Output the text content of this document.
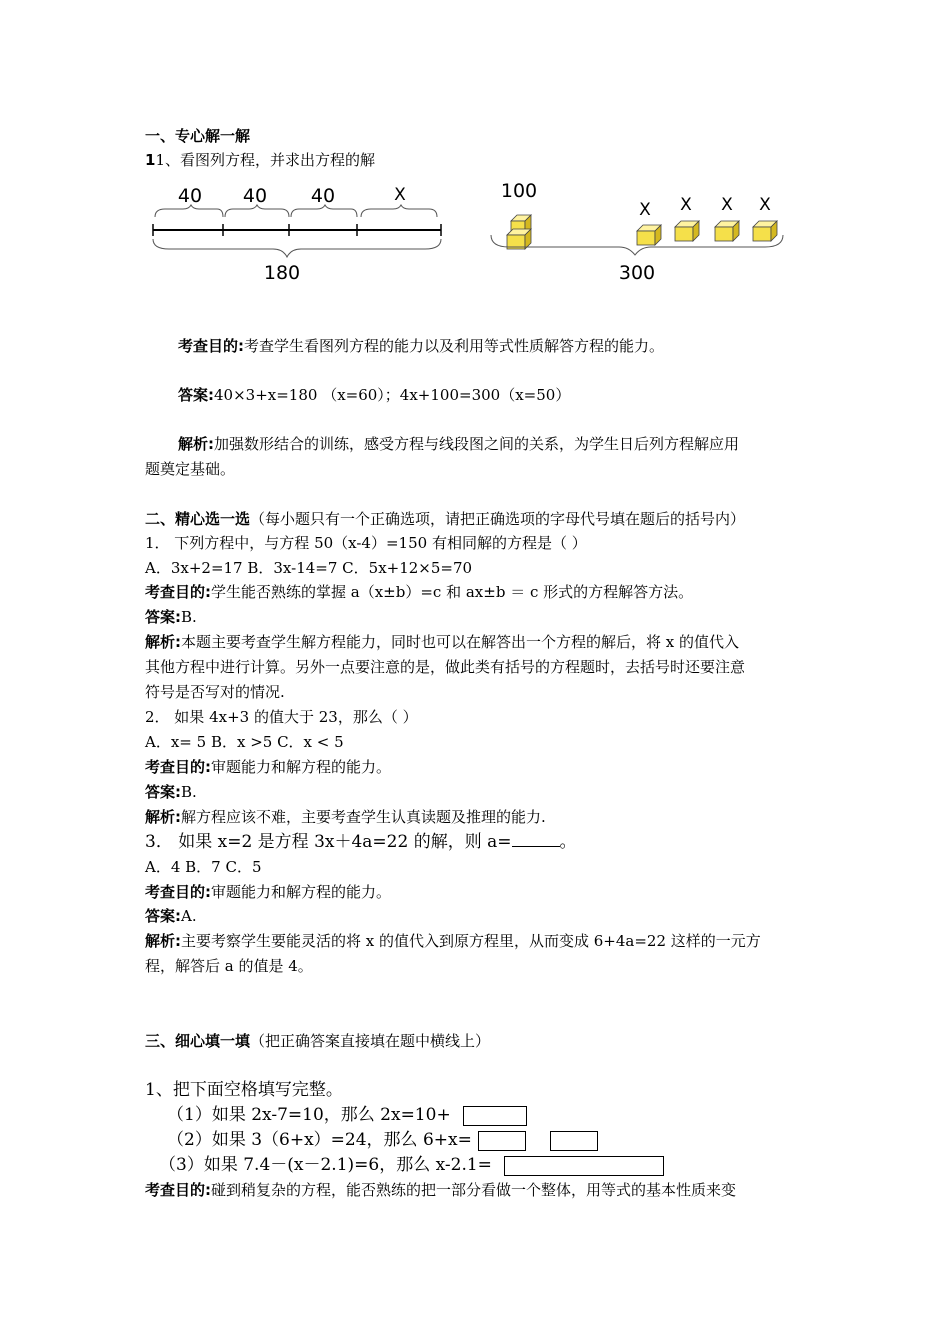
一、专心解一解
11、看图列方程，并求出方程的解
40 40 40	X
180
100
X X X X
300
考查目的:考查学生看图列方程的能力以及利用等式性质解答方程的能力。
答案:40×3+x=180 （x=60）；4x+100=300（x=50）
解析:加强数形结合的训练，感受方程与线段图之间的关系，为学生日后列方程解应用
题奠定基础。
二、精心选一选（每小题只有一个正确选项，请把正确选项的字母代号填在题后的括号内）
1． 下列方程中，与方程 50（x-4）=150 有相同解的方程是（ ）
A．3x+2=17 B．3x-14=7 C．5x+12×5=70
考查目的:学生能否熟练的掌握 a（x±b）=c 和 ax±b ＝ c 形式的方程解答方法。
答案:B.
解析:本题主要考查学生解方程能力，同时也可以在解答出一个方程的解后，将 x 的值代入
其他方程中进行计算。另外一点要注意的是，做此类有括号的方程题时，去括号时还要注意
符号是否写对的情况.
2． 如果 4x+3 的值大于 23，那么（ ）
A．x= 5 B．x >5 C．x < 5
考查目的:审题能力和解方程的能力。
答案:B.
解析:解方程应该不难，主要考查学生认真读题及推理的能力.
3． 如果 x=2 是方程 3x＋4a=22 的解，则 a=	。
A．4 B．7 C．5
考查目的:审题能力和解方程的能力。
答案:A.
解析:主要考察学生要能灵活的将 x 的值代入到原方程里，从而变成 6+4a=22 这样的一元方
程，解答后 a 的值是 4。
三、细心填一填（把正确答案直接填在题中横线上）
1、把下面空格填写完整。
（1）如果 2x-7=10，那么 2x=10+
（2）如果 3（6+x）=24，那么 6+x=
（3）如果 7.4－(x－2.1)=6，那么 x-2.1=
考查目的:碰到稍复杂的方程，能否熟练的把一部分看做一个整体，用等式的基本性质来变
